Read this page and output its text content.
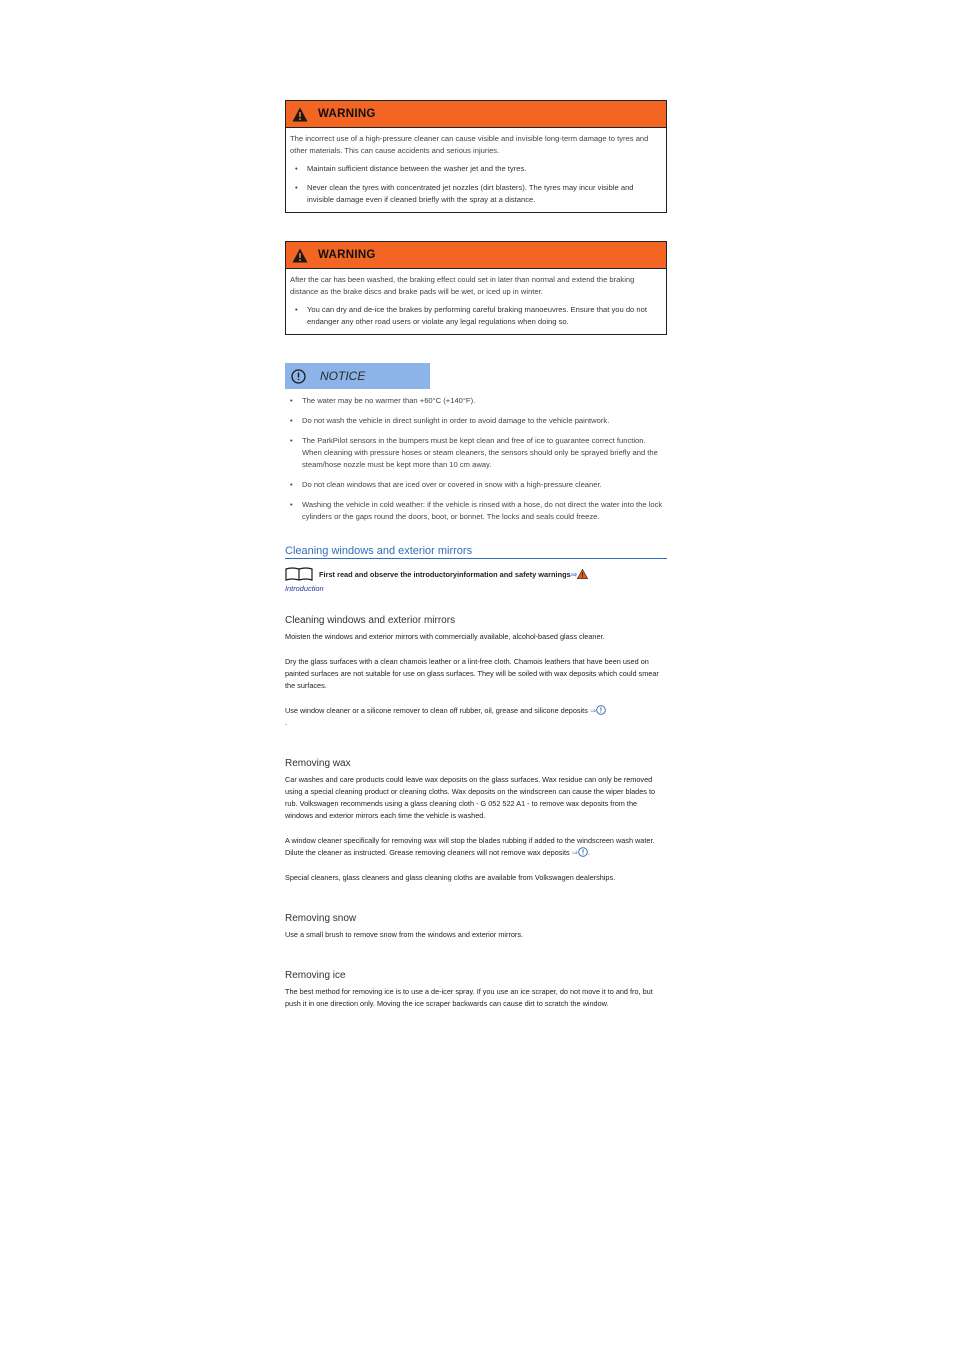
WARNING

The incorrect use of a high-pressure cleaner can cause visible and invisible long-term damage to tyres and other materials. This can cause accidents and serious injuries.

• Maintain sufficient distance between the washer jet and the tyres.
• Never clean the tyres with concentrated jet nozzles (dirt blasters). The tyres may incur visible and invisible damage even if cleaned briefly with the spray at a distance.
WARNING

After the car has been washed, the braking effect could set in later than normal and extend the braking distance as the brake discs and brake pads will be wet, or iced up in winter.

• You can dry and de-ice the brakes by performing careful braking manoeuvres. Ensure that you do not endanger any other road users or violate any legal regulations when doing so.
NOTICE
• The water may be no warmer than +60°C (+140°F).
• Do not wash the vehicle in direct sunlight in order to avoid damage to the vehicle paintwork.
• The ParkPilot sensors in the bumpers must be kept clean and free of ice to guarantee correct function. When cleaning with pressure hoses or steam cleaners, the sensors should only be sprayed briefly and the steam/hose nozzle must be kept more than 10 cm away.
• Do not clean windows that are iced over or covered in snow with a high-pressure cleaner.
• Washing the vehicle in cold weather: if the vehicle is rinsed with a hose, do not direct the water into the lock cylinders or the gaps round the doors, boot, or bonnet. The locks and seals could freeze.
Cleaning windows and exterior mirrors
First read and observe the introductoryinformation and safety warnings⇒
Introduction
Cleaning windows and exterior mirrors

Moisten the windows and exterior mirrors with commercially available, alcohol-based glass cleaner.

Dry the glass surfaces with a clean chamois leather or a lint-free cloth. Chamois leathers that have been used on painted surfaces are not suitable for use on glass surfaces. They will be soiled with wax deposits which could smear the surfaces.

Use window cleaner or a silicone remover to clean off rubber, oil, grease and silicone deposits ⇒
.

Removing wax

Car washes and care products could leave wax deposits on the glass surfaces. Wax residue can only be removed using a special cleaning product or cleaning cloths. Wax deposits on the windscreen can cause the wiper blades to rub. Volkswagen recommends using a glass cleaning cloth - G 052 522 A1 - to remove wax deposits from the windows and exterior mirrors each time the vehicle is washed.

A window cleaner specifically for removing wax will stop the blades rubbing if added to the windscreen wash water. Dilute the cleaner as instructed. Grease removing cleaners will not remove wax deposits ⇒ .

Special cleaners, glass cleaners and glass cleaning cloths are available from Volkswagen dealerships.

Removing snow

Use a small brush to remove snow from the windows and exterior mirrors.

Removing ice

The best method for removing ice is to use a de-icer spray. If you use an ice scraper, do not move it to and fro, but push it in one direction only. Moving the ice scraper backwards can cause dirt to scratch the window.
